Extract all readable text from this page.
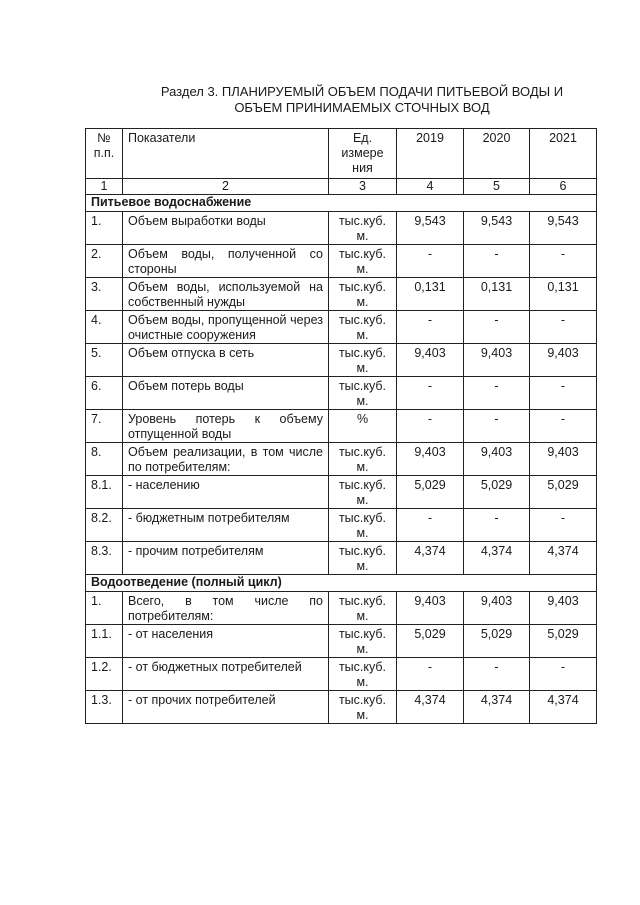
Раздел 3. ПЛАНИРУЕМЫЙ ОБЪЕМ ПОДАЧИ ПИТЬЕВОЙ ВОДЫ И
ОБЪЕМ ПРИНИМАЕМЫХ СТОЧНЫХ ВОД
№ п.п.	Показатели	Ед. измере ния	2019	2020	2021
1	2	3	4	5	6
Питьевое водоснабжение					
1.	Объем выработки воды	тыс.куб. м.	9,543	9,543	9,543
2.	Объем воды, полученной со стороны	тыс.куб. м.	-	-	-
3.	Объем воды, используемой на собственный нужды	тыс.куб. м.	0,131	0,131	0,131
4.	Объем воды, пропущенной через очистные сооружения	тыс.куб. м.	-	-	-
5.	Объем отпуска в сеть	тыс.куб. м.	9,403	9,403	9,403
6.	Объем потерь воды	тыс.куб. м.	-	-	-
7.	Уровень потерь к объему отпущенной воды	%	-	-	-
8.	Объем реализации, в том числе по потребителям:	тыс.куб. м.	9,403	9,403	9,403
8.1.	- населению	тыс.куб. м.	5,029	5,029	5,029
8.2.	- бюджетным потребителям	тыс.куб. м.	-	-	-
8.3.	- прочим потребителям	тыс.куб. м.	4,374	4,374	4,374
Водоотведение (полный цикл)					
1.	Всего, в том числе по потребителям:	тыс.куб. м.	9,403	9,403	9,403
1.1.	- от населения	тыс.куб. м.	5,029	5,029	5,029
1.2.	- от бюджетных потребителей	тыс.куб. м.	-	-	-
1.3.	- от прочих потребителей	тыс.куб. м.	4,374	4,374	4,374
